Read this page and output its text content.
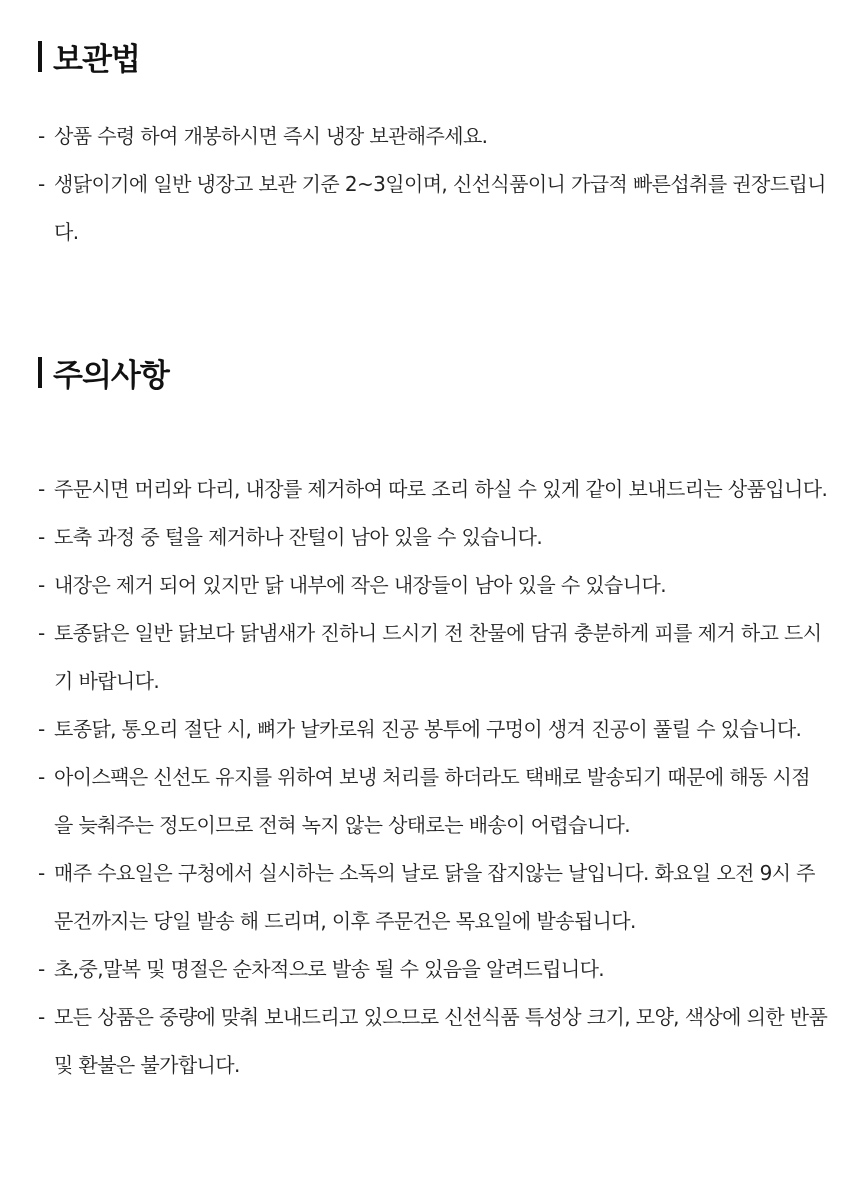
보관법
- 상품 수령 하여 개봉하시면 즉시 냉장 보관해주세요.
- 생닭이기에 일반 냉장고 보관 기준 2~3일이며, 신선식품이니 가급적 빠른섭취를 권장드립니다.
주의사항
- 주문시면 머리와 다리, 내장를 제거하여 따로 조리 하실 수 있게 같이 보내드리는 상품입니다.
- 도축 과정 중 털을 제거하나 잔털이 남아 있을 수 있습니다.
- 내장은 제거 되어 있지만 닭 내부에 작은 내장들이 남아 있을 수 있습니다.
- 토종닭은 일반 닭보다 닭냄새가 진하니 드시기 전 찬물에 담궈 충분하게 피를 제거 하고 드시기 바랍니다.
- 토종닭, 통오리 절단 시, 뼈가 날카로워 진공 봉투에 구멍이 생겨 진공이 풀릴 수 있습니다.
- 아이스팩은 신선도 유지를 위하여 보냉 처리를 하더라도 택배로 발송되기 때문에 해동 시점을 늦춰주는 정도이므로 전혀 녹지 않는 상태로는 배송이 어렵습니다.
- 매주 수요일은 구청에서 실시하는 소독의 날로 닭을 잡지않는 날입니다. 화요일 오전 9시 주문건까지는 당일 발송 해 드리며, 이후 주문건은 목요일에 발송됩니다.
- 초,중,말복 및 명절은 순차적으로 발송 될 수 있음을 알려드립니다.
- 모든 상품은 중량에 맞춰 보내드리고 있으므로 신선식품 특성상 크기, 모양, 색상에 의한 반품 및 환불은 불가합니다.
